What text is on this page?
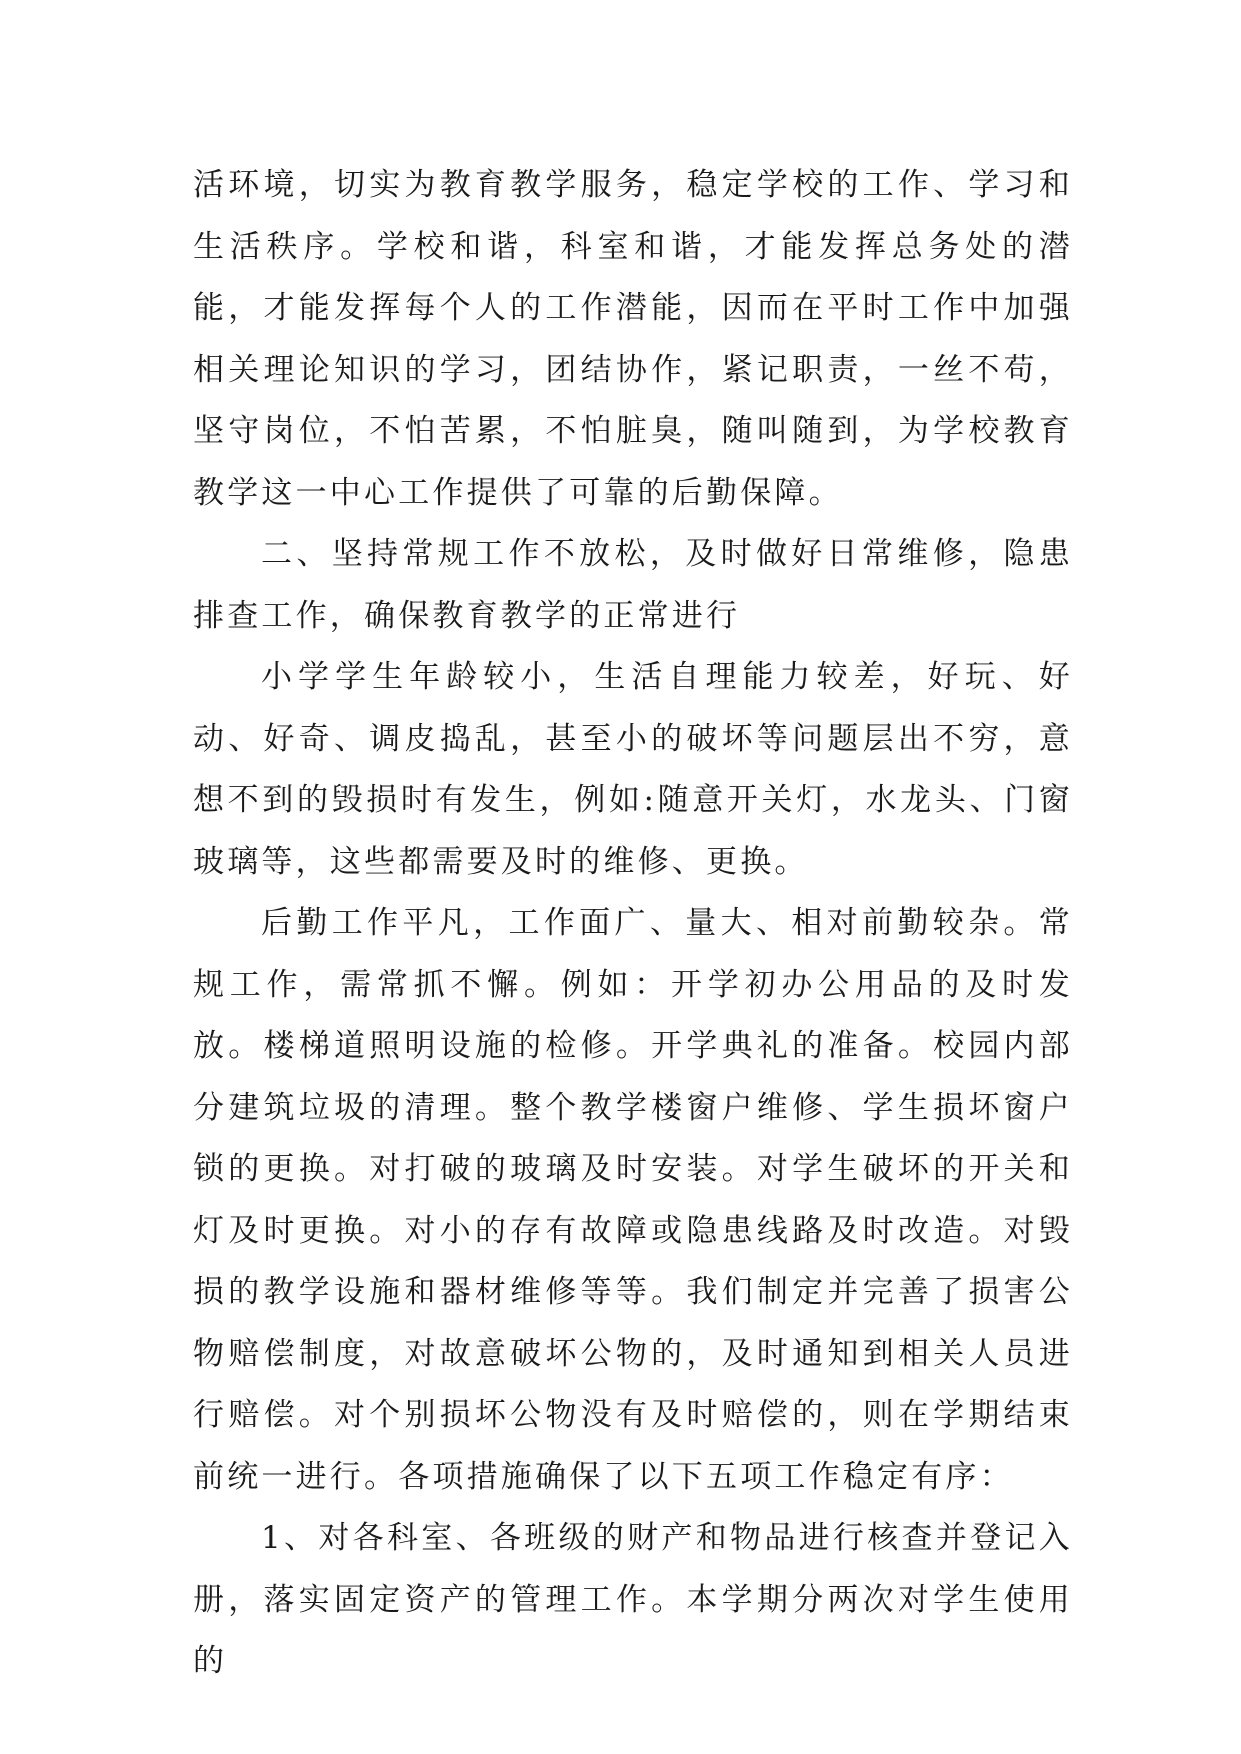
活环境，切实为教育教学服务，稳定学校的工作、学习和生活秩序。学校和谐，科室和谐，才能发挥总务处的潜能，才能发挥每个人的工作潜能，因而在平时工作中加强相关理论知识的学习，团结协作，紧记职责，一丝不苟，坚守岗位，不怕苦累，不怕脏臭，随叫随到，为学校教育教学这一中心工作提供了可靠的后勤保障。

二、坚持常规工作不放松，及时做好日常维修，隐患排查工作，确保教育教学的正常进行

小学学生年龄较小，生活自理能力较差，好玩、好动、好奇、调皮捣乱，甚至小的破坏等问题层出不穷，意想不到的毁损时有发生，例如:随意开关灯，水龙头、门窗玻璃等，这些都需要及时的维修、更换。

后勤工作平凡，工作面广、量大、相对前勤较杂。常规工作，需常抓不懈。例如：开学初办公用品的及时发放。楼梯道照明设施的检修。开学典礼的准备。校园内部分建筑垃圾的清理。整个教学楼窗户维修、学生损坏窗户锁的更换。对打破的玻璃及时安装。对学生破坏的开关和灯及时更换。对小的存有故障或隐患线路及时改造。对毁损的教学设施和器材维修等等。我们制定并完善了损害公物赔偿制度，对故意破坏公物的，及时通知到相关人员进行赔偿。对个别损坏公物没有及时赔偿的，则在学期结束前统一进行。各项措施确保了以下五项工作稳定有序：

1、对各科室、各班级的财产和物品进行核查并登记入册，落实固定资产的管理工作。本学期分两次对学生使用的
